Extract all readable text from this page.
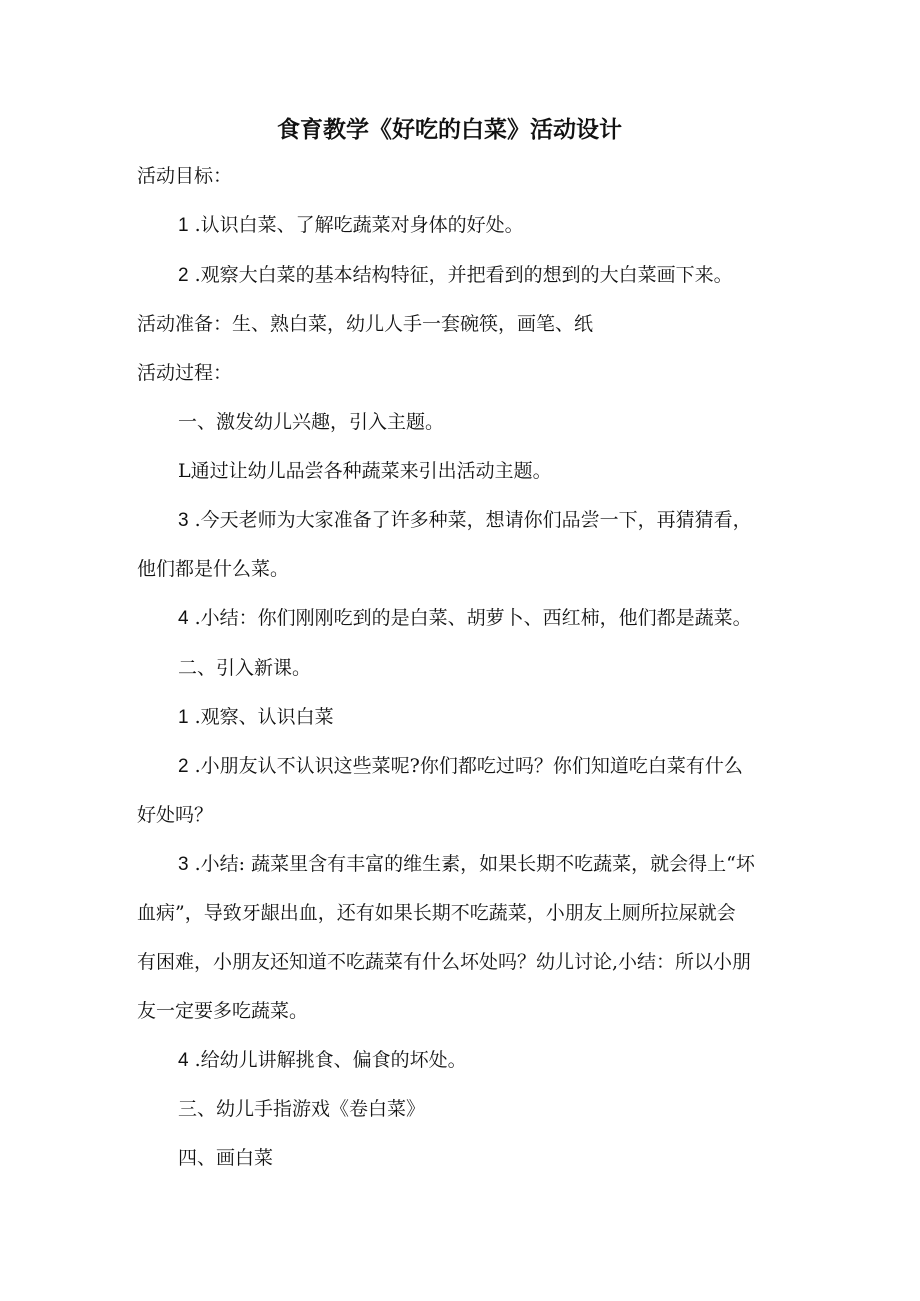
食育教学《好吃的白菜》活动设计

活动目标：

1 .认识白菜、了解吃蔬菜对身体的好处。

2 .观察大白菜的基本结构特征，并把看到的想到的大白菜画下来。

活动准备：生、熟白菜，幼儿人手一套碗筷，画笔、纸

活动过程：

一、激发幼儿兴趣，引入主题。

L通过让幼儿品尝各种蔬菜来引出活动主题。

3 .今天老师为大家准备了许多种菜，想请你们品尝一下，再猜猜看，

他们都是什么菜。

4 .小结：你们刚刚吃到的是白菜、胡萝卜、西红柿，他们都是蔬菜。

二、引入新课。

1 .观察、认识白菜

2 .小朋友认不认识这些菜呢?你们都吃过吗？你们知道吃白菜有什么

好处吗？

3 .小结: 蔬菜里含有丰富的维生素，如果长期不吃蔬菜，就会得上“坏

血病”，导致牙龈出血，还有如果长期不吃蔬菜，小朋友上厕所拉屎就会

有困难，小朋友还知道不吃蔬菜有什么坏处吗？幼儿讨论,小结：所以小朋

友一定要多吃蔬菜。

4 .给幼儿讲解挑食、偏食的坏处。

三、幼儿手指游戏《卷白菜》

四、画白菜
